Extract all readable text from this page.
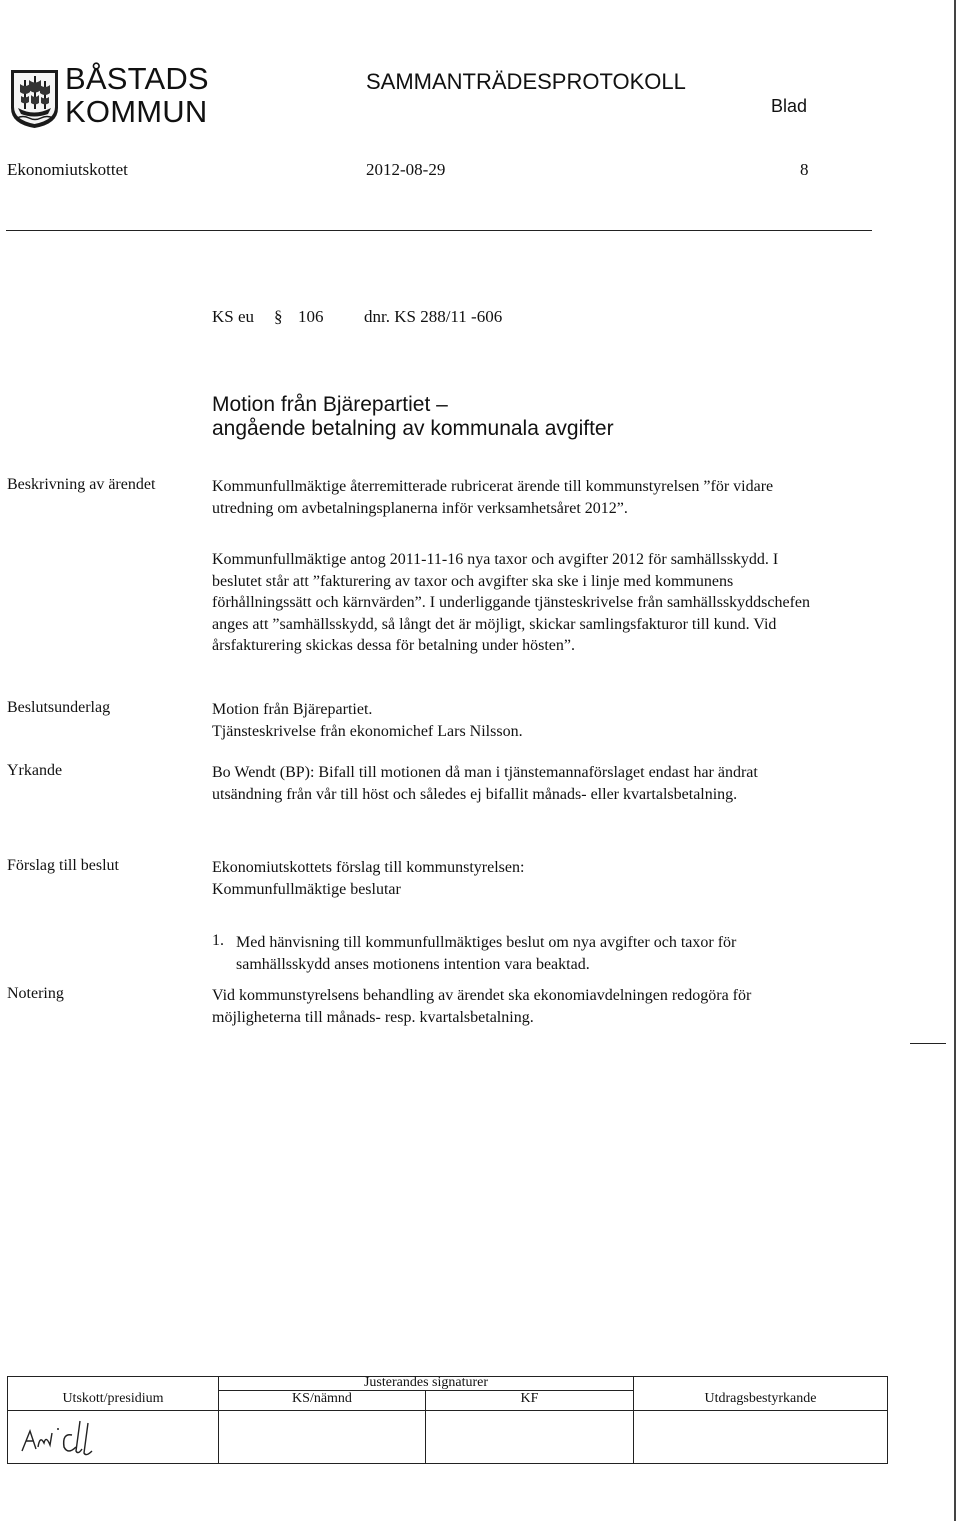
BÅSTADS
KOMMUN
SAMMANTRÄDESPROTOKOLL
Blad
Ekonomiutskottet	2012-08-29	8
KS eu § 106 dnr. KS 288/11 -606
Motion från Bjärepartiet –
angående betalning av kommunala avgifter
Beskrivning av ärendet	Kommunfullmäktige återremitterade rubricerat ärende till kommunstyrelsen ”för vidare utredning om avbetalningsplanerna inför verksamhetsåret 2012”.

Kommunfullmäktige antog 2011-11-16 nya taxor och avgifter 2012 för samhällsskydd. I beslutet står att ”fakturering av taxor och avgifter ska ske i linje med kommunens förhållningssätt och kärnvärden”. I underliggande tjänsteskrivelse från samhällsskyddschefen anges att ”samhällsskydd, så långt det är möjligt, skickar samlingsfakturor till kund. Vid årsfakturering skickas dessa för betalning under hösten”.

Beslutsunderlag	Motion från Bjärepartiet.

Tjänsteskrivelse från ekonomichef Lars Nilsson.

Yrkande	Bo Wendt (BP): Bifall till motionen då man i tjänstemannaförslaget endast har ändrat utsändning från vår till höst och således ej bifallit månads- eller kvartalsbetalning.

Förslag till beslut	Ekonomiutskottets förslag till kommunstyrelsen:

Kommunfullmäktige beslutar

1. Med hänvisning till kommunfullmäktiges beslut om nya avgifter och taxor för samhällsskydd anses motionens intention vara beaktad.
Notering	Vid kommunstyrelsens behandling av ärendet ska ekonomiavdelningen redogöra för möjligheterna till månads- resp. kvartalsbetalning.

	Justerandes signaturer		
Utskott/presidium	KS/nämnd	KF	Utdragsbestyrkande
